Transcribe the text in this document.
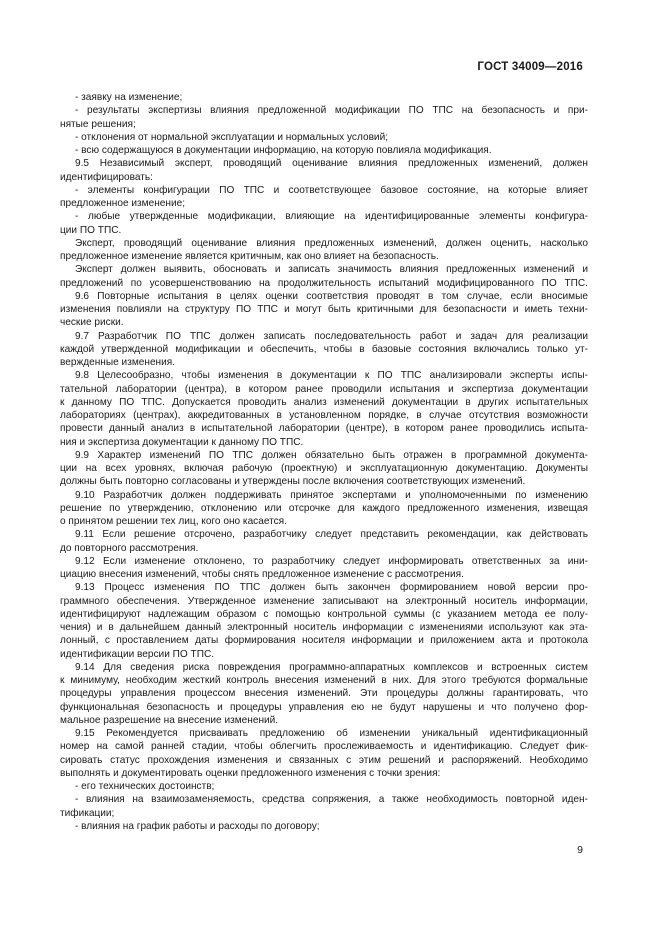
ГОСТ 34009—2016
- заявку на изменение;
- результаты экспертизы влияния предложенной модификации ПО ТПС на безопасность и при-
нятые решения;
- отклонения от нормальной эксплуатации и нормальных условий;
- всю содержащуюся в документации информацию, на которую повлияла модификация.
9.5 Независимый эксперт, проводящий оценивание влияния предложенных изменений, должен
идентифицировать:
- элементы конфигурации ПО ТПС и соответствующее базовое состояние, на которые влияет
предложенное изменение;
- любые утвержденные модификации, влияющие на идентифицированные элементы конфигура-
ции ПО ТПС.
Эксперт, проводящий оценивание влияния предложенных изменений, должен оценить, насколько
предложенное изменение является критичным, как оно влияет на безопасность.
Эксперт должен выявить, обосновать и записать значимость влияния предложенных изменений и
предложений по усовершенствованию на продолжительность испытаний модифицированного ПО ТПС.
9.6 Повторные испытания в целях оценки соответствия проводят в том случае, если вносимые
изменения повлияли на структуру ПО ТПС и могут быть критичными для безопасности и иметь техни-
ческие риски.
9.7 Разработчик ПО ТПС должен записать последовательность работ и задач для реализации
каждой утвержденной модификации и обеспечить, чтобы в базовые состояния включались только ут-
вержденные изменения.
9.8 Целесообразно, чтобы изменения в документации к ПО ТПС анализировали эксперты испы-
тательной лаборатории (центра), в котором ранее проводили испытания и экспертиза документации
к данному ПО ТПС. Допускается проводить анализ изменений документации в других испытательных
лабораториях (центрах), аккредитованных в установленном порядке, в случае отсутствия возможности
провести данный анализ в испытательной лаборатории (центре), в котором ранее проводились испыта-
ния и экспертиза документации к данному ПО ТПС.
9.9 Характер изменений ПО ТПС должен обязательно быть отражен в программной документа-
ции на всех уровнях, включая рабочую (проектную) и эксплуатационную документацию. Документы
должны быть повторно согласованы и утверждены после включения соответствующих изменений.
9.10 Разработчик должен поддерживать принятое экспертами и уполномоченными по изменению
решение по утверждению, отклонению или отсрочке для каждого предложенного изменения, извещая
о принятом решении тех лиц, кого оно касается.
9.11 Если решение отсрочено, разработчику следует представить рекомендации, как действовать
до повторного рассмотрения.
9.12 Если изменение отклонено, то разработчику следует информировать ответственных за ини-
циацию внесения изменений, чтобы снять предложенное изменение с рассмотрения.
9.13 Процесс изменения ПО ТПС должен быть закончен формированием новой версии про-
граммного обеспечения. Утвержденное изменение записывают на электронный носитель информации,
идентифицируют надлежащим образом с помощью контрольной суммы (с указанием метода ее полу-
чения) и в дальнейшем данный электронный носитель информации с изменениями используют как эта-
лонный, с проставлением даты формирования носителя информации и приложением акта и протокола
идентификации версии ПО ТПС.
9.14 Для сведения риска повреждения программно-аппаратных комплексов и встроенных систем
к минимуму, необходим жесткий контроль внесения изменений в них. Для этого требуются формальные
процедуры управления процессом внесения изменений. Эти процедуры должны гарантировать, что
функциональная безопасность и процедуры управления ею не будут нарушены и что получено фор-
мальное разрешение на внесение изменений.
9.15 Рекомендуется присваивать предложению об изменении уникальный идентификационный
номер на самой ранней стадии, чтобы облегчить прослеживаемость и идентификацию. Следует фик-
сировать статус прохождения изменения и связанных с этим решений и распоряжений. Необходимо
выполнять и документировать оценки предложенного изменения с точки зрения:
- его технических достоинств;
- влияния на взаимозаменяемость, средства сопряжения, а также необходимость повторной иден-
тификации;
- влияния на график работы и расходы по договору;
9
